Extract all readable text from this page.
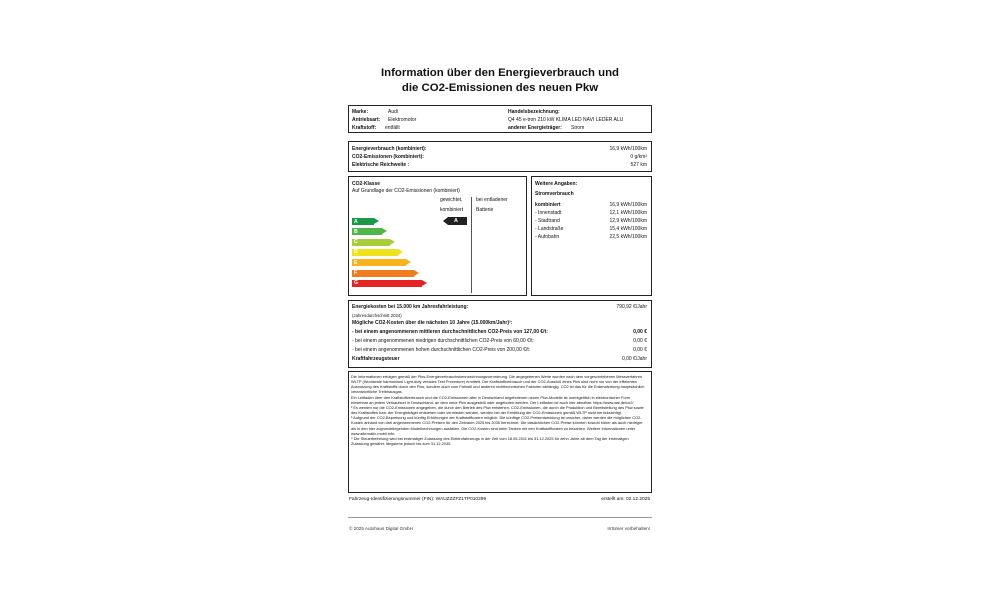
Information über den Energieverbrauch und
die CO2-Emissionen des neuen Pkw
Marke:	Audi
Antriebsart: Elektromotor
Kraftstoff: entfällt
Handelsbezeichnung:
Q4 45 e-tron 210 kW KLIMA LED NAVI LEDER ALU
anderer Energieträger: Strom
Energieverbrauch (kombiniert):	16,9 kWh/100km
CO2-Emissionen (kombiniert):	0 g/km²
Elektrische Reichweite :	527 km
CO2-Klasse
Auf Grundlage der CO2-Emissionen (kombiniert)
gewichtet,
kombiniert
bei entladener
Batterie
A
B
C
D
E
F
G
A
Weitere Angaben:
Stromverbrauch
kombiniert	16,9 kWh/100km
- Innenstadt	12,1 kWh/100km
- Stadtrand	12,9 kWh/100km
- Landstraße	15,4 kWh/100km
- Autobahn	22,5 kWh/100km
Energiekosten bei 15.000 km Jahresfahrleistung:	790,92 €/Jahr
(Jahresdurchschnitt 2024)
Mögliche CO2-Kosten über die nächsten 10 Jahre (15.000km/Jahr)³:
- bei einem angenommenen mittleren durchschnittlichen CO2-Preis von 127,00 €/t:	0,00 €
- bei einem angenommenen niedrigen durchschnittlichen CO2-Preis von 60,00 €/t:	0,00 €
- bei einem angenommenen hohen durchschnittlichen CO2-Preis von 200,00 €/t:	0,00 €
Kraftfahrzeugsteuer	0,00 €/Jahr

Die Informationen erfolgen gemäß der Pkw-Energieverbrauchskennzeichnungsverordnung. Die angegebenen Werte wurden nach dem vorgeschriebenen Messverfahren WLTP (Worldwide harmonised Light-duty vehicles Test Procedure) ermittelt. Der Kraftstoffverbrauch und der CO2-Ausstoß eines Pkw sind nicht nur von der effizienten Ausnutzung des Kraftstoffs durch den Pkw, sondern auch vom Fahrstil und anderen nichttechnischen Faktoren abhängig. CO2 ist das für die Erderwärmung hauptsächlich verantwortliche Treibhausgas.

Ein Leitfaden über den Kraftstoffverbrauch und die CO2-Emissionen aller in Deutschland angebotenen neuen Pkw-Modelle ist unentgeltlich in elektronischer Form einsehbar an jedem Verkaufsort in Deutschland, an dem neue Pkw ausgestellt oder angeboten werden. Der Leitfaden ist auch hier abrufbar: https://www.dat.de/co2/

² Es werden nur die CO2-Emissionen angegeben, die durch den Betrieb des Pkw entstehen. CO2-Emissionen, die durch die Produktion und Bereitstellung des Pkw sowie des Kraftstoffes bzw. der Energieträger entstehen oder vermieden werden, werden bei der Ermittlung der CO2-Emissionen gemäß WLTP nicht berücksichtigt.

³ Aufgrund der CO2-Bepreisung und künftig Erhöhungen der Kraftstoffkosten möglich. Die künftige CO2-Preisentwicklung ist unsicher, daher werden die möglichen CO2-Kosten anhand von drei angenommenen CO2-Preisen für den Zeitraum 2025 bis 2035 berechnet. Die tatsächlichen CO2-Preise könnten sowohl höher als auch niedriger als in den hier zugrundeliegenden Modellrechnungen ausfallen. Die CO2-Kosten sind beim Tanken mit den Kraftstoffkosten zu bezahlen. Weitere Informationen unter www.alternativ-mobil.info.

⁴ Die Steuerbefreiung wird bei erstmaliger Zulassung des Elektrofahrzeugs in der Zeit vom 18.05.2011 bis 31.12.2025 für zehn Jahre ab dem Tag der erstmaligen Zulassung gewährt, längstens jedoch bis zum 31.12.2030.

Fahrzeug-Identifizierungsnummer (FIN): WAUZZZFZ1TP010299	erstellt am: 02.12.2025
© 2025 Autohaus Digital GmbH	Irrtümer vorbehalten!
